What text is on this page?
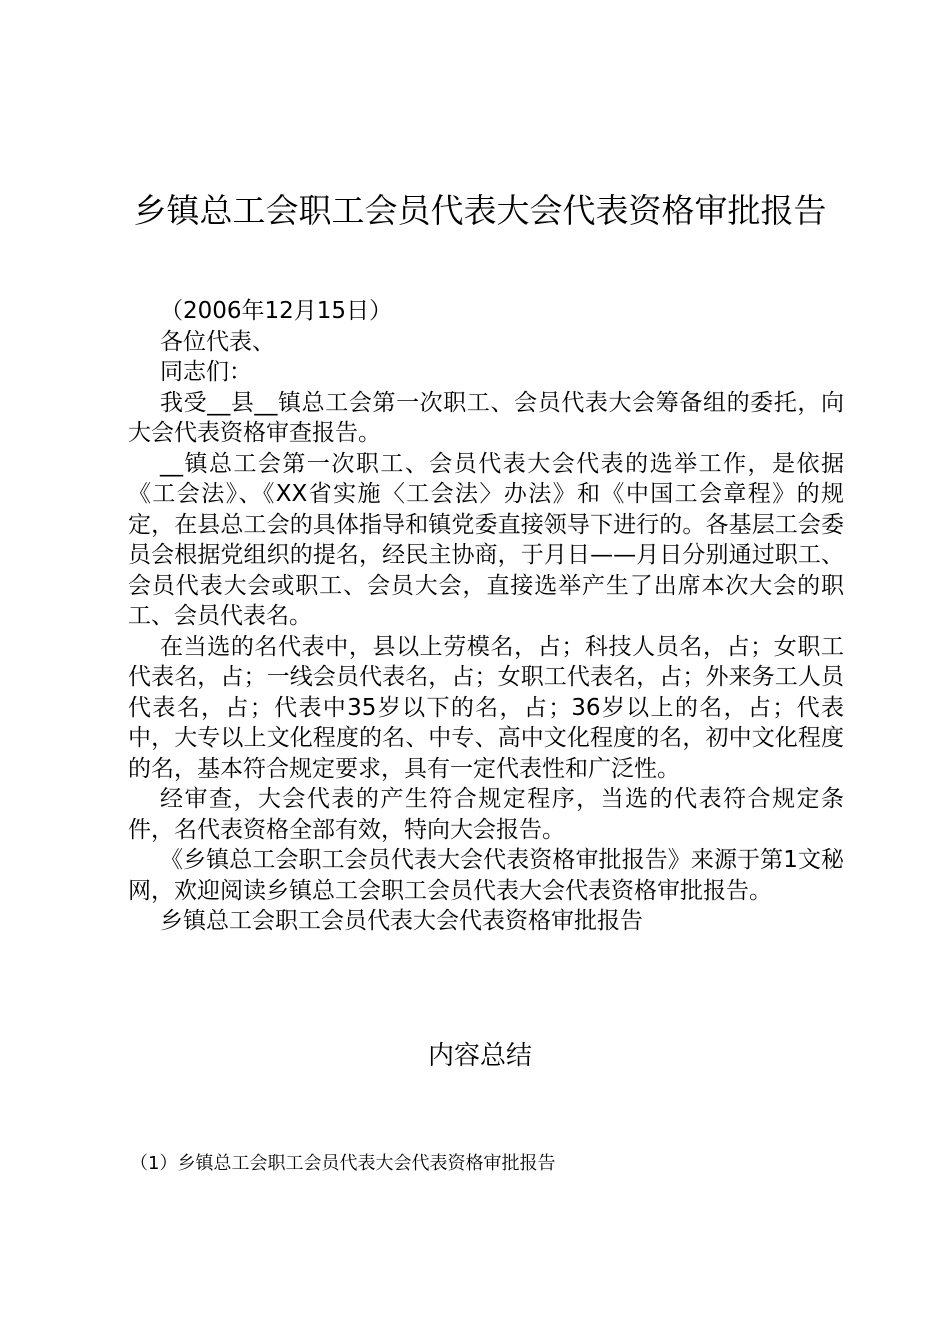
乡镇总工会职工会员代表大会代表资格审批报告

（2006年12月15日）

各位代表、

同志们：

我受__县__镇总工会第一次职工、会员代表大会筹备组的委托，向大会代表资格审查报告。

__镇总工会第一次职工、会员代表大会代表的选举工作，是依据《工会法》、《XX省实施〈工会法〉办法》和《中国工会章程》的规定，在县总工会的具体指导和镇党委直接领导下进行的。各基层工会委员会根据党组织的提名，经民主协商，于月日——月日分别通过职工、会员代表大会或职工、会员大会，直接选举产生了出席本次大会的职工、会员代表名。

在当选的名代表中，县以上劳模名，占；科技人员名，占；女职工代表名，占；一线会员代表名，占；女职工代表名，占；外来务工人员代表名，占；代表中35岁以下的名，占；36岁以上的名，占；代表中，大专以上文化程度的名、中专、高中文化程度的名，初中文化程度的名，基本符合规定要求，具有一定代表性和广泛性。

经审查，大会代表的产生符合规定程序，当选的代表符合规定条件，名代表资格全部有效，特向大会报告。

《乡镇总工会职工会员代表大会代表资格审批报告》来源于第1文秘网，欢迎阅读乡镇总工会职工会员代表大会代表资格审批报告。

乡镇总工会职工会员代表大会代表资格审批报告

内容总结

（1）乡镇总工会职工会员代表大会代表资格审批报告
